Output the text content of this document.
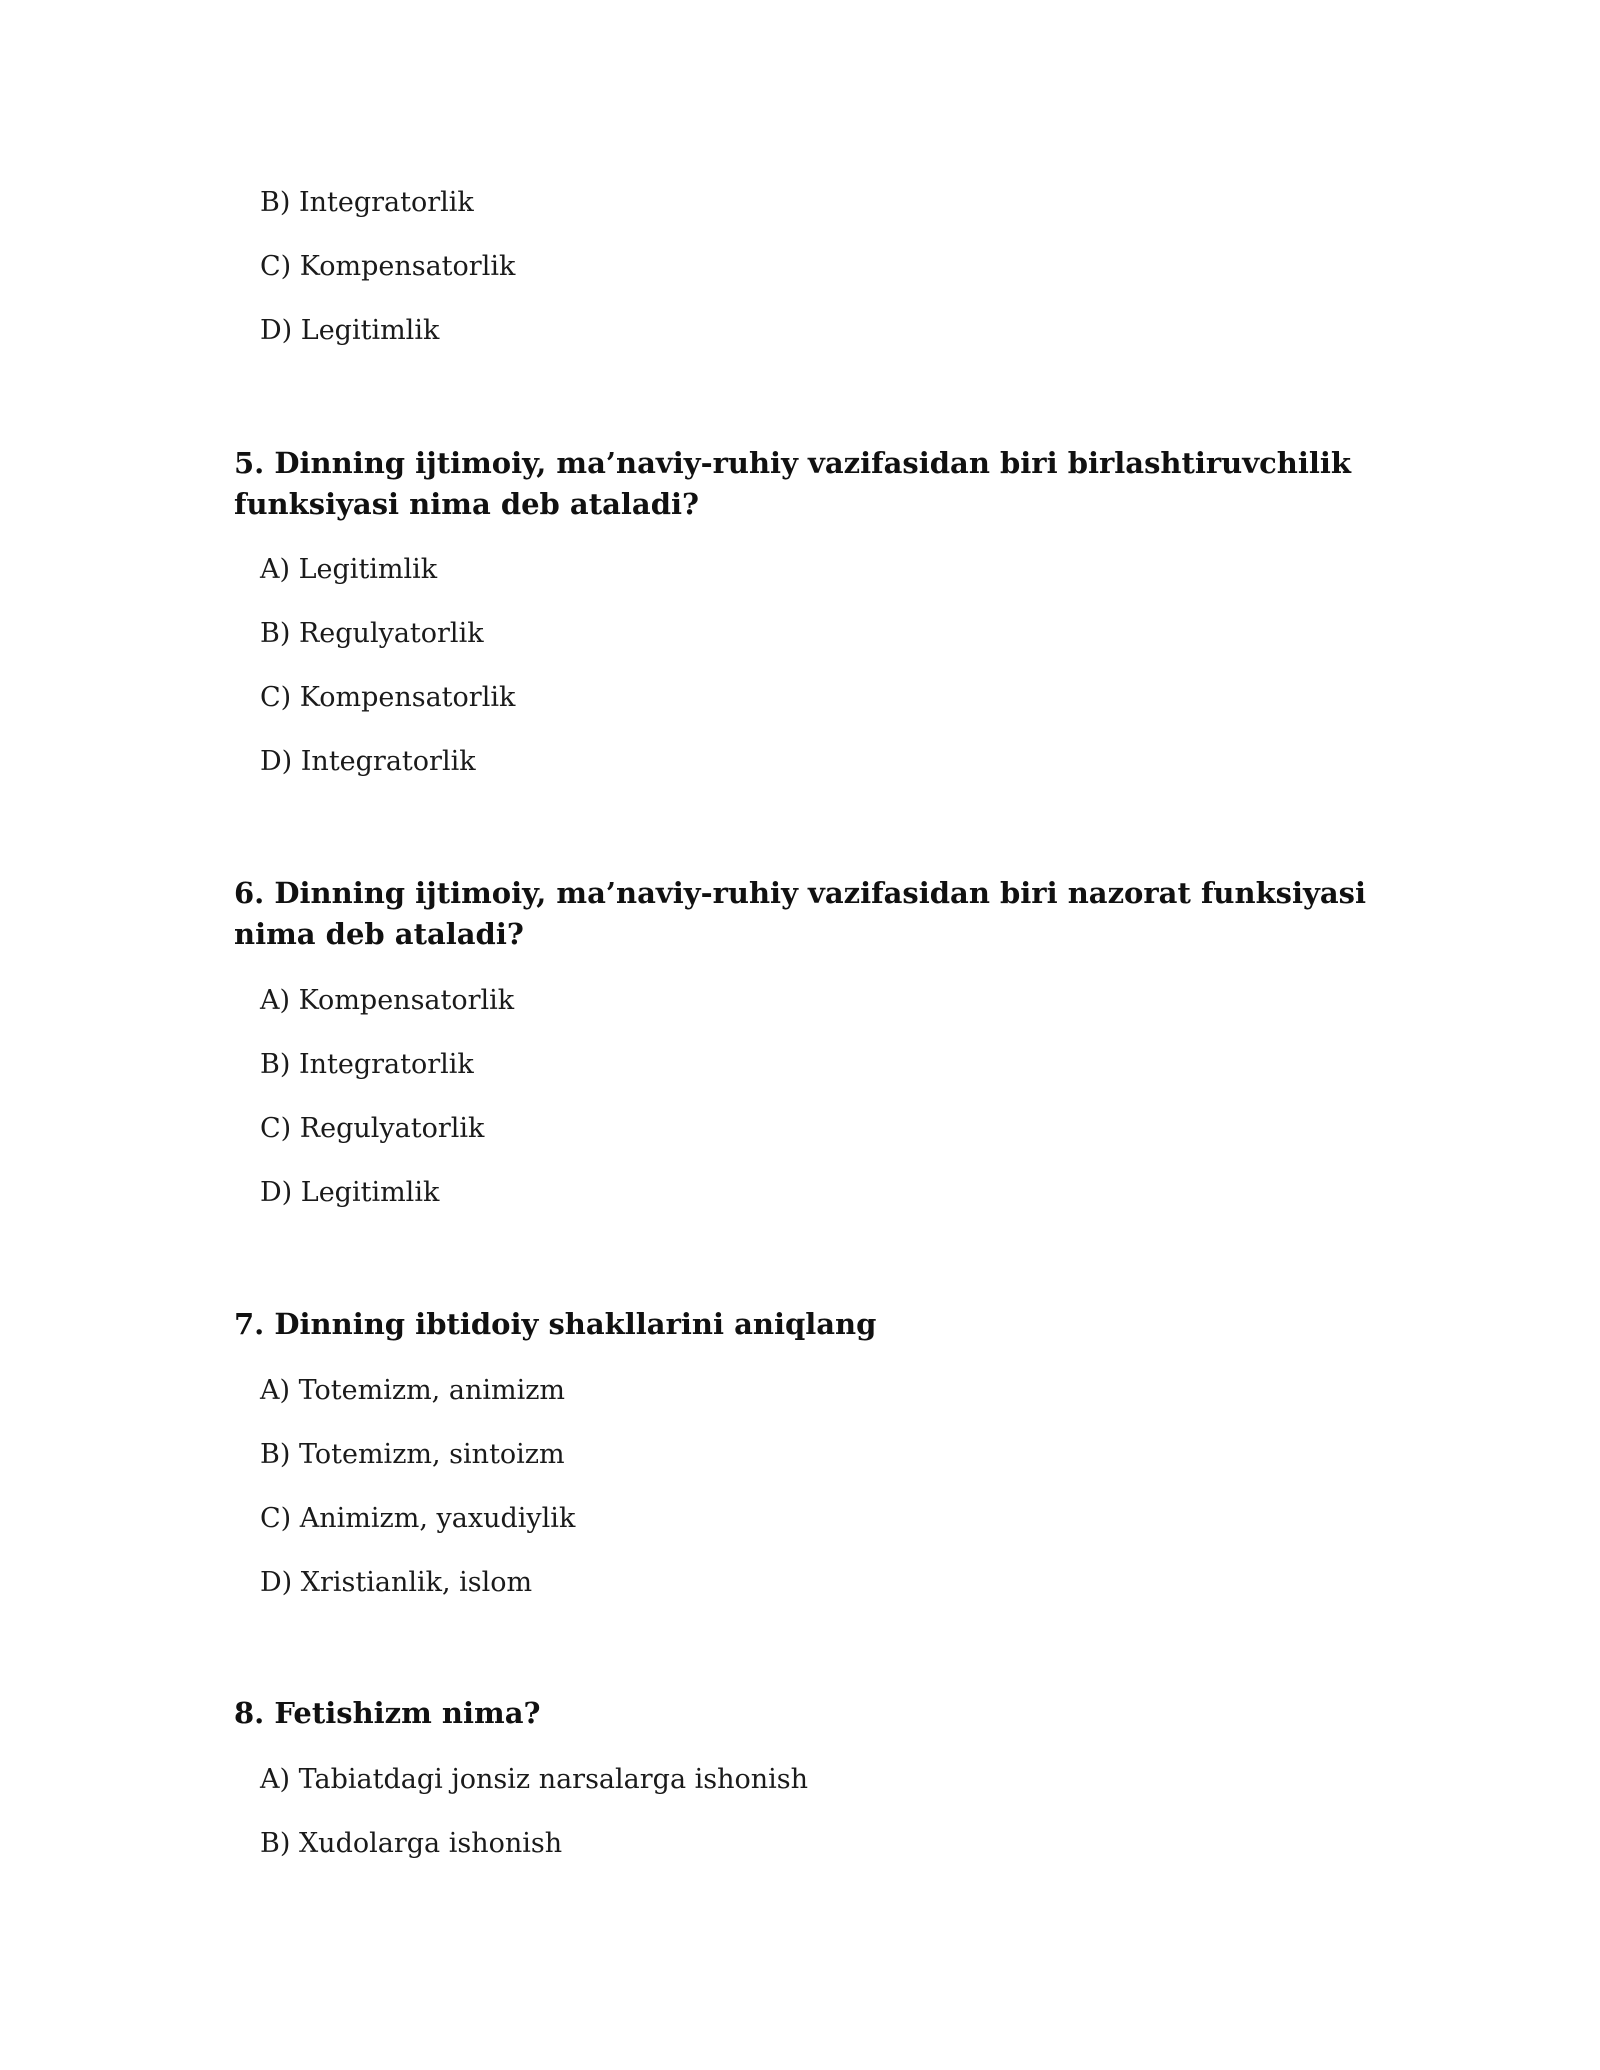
B) Integratorlik
C) Kompensatorlik
D) Legitimlik
5. Dinning ijtimoiy, ma’naviy-ruhiy vazifasidan biri birlashtiruvchilik funksiyasi nima deb ataladi?
A) Legitimlik
B) Regulyatorlik
C) Kompensatorlik
D) Integratorlik
6. Dinning ijtimoiy, ma’naviy-ruhiy vazifasidan biri nazorat funksiyasi nima deb ataladi?
A) Kompensatorlik
B) Integratorlik
C) Regulyatorlik
D) Legitimlik
7. Dinning ibtidoiy shakllarini aniqlang
A) Totemizm, animizm
B) Totemizm, sintoizm
C) Animizm, yaxudiylik
D) Xristianlik, islom
8. Fetishizm nima?
A) Tabiatdagi jonsiz narsalarga ishonish
B) Xudolarga ishonish
